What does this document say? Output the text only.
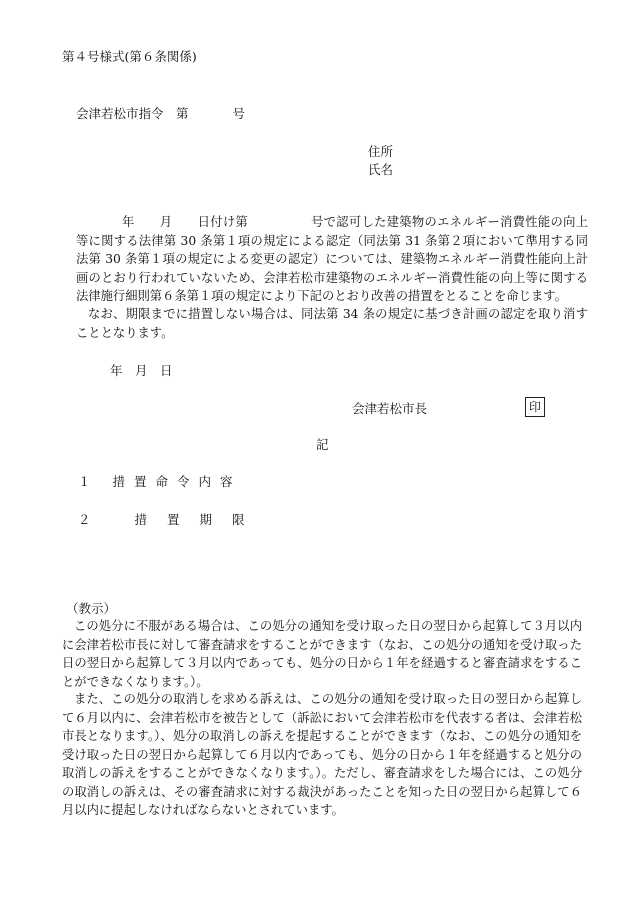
第４号様式(第６条関係)
会津若松市指令　第	号
住所
氏名

年　　月　　日付け第　　　　　号で認可した建築物のエネルギー消費性能の向上等に関する法律第 30 条第１項の規定による認定（同法第 31 条第２項において準用する同法第 30 条第１項の規定による変更の認定）については、建築物エネルギー消費性能向上計画のとおり行われていないため、会津若松市建築物のエネルギー消費性能の向上等に関する法律施行細則第６条第１項の規定により下記のとおり改善の措置をとることを命じます。

なお、期限までに措置しない場合は、同法第 34 条の規定に基づき計画の認定を取り消すこととなります。

年　月　日
会津若松市長	印
記
１ 措置命令内容
２ 措置期限
（教示）

この処分に不服がある場合は、この処分の通知を受け取った日の翌日から起算して３月以内に会津若松市長に対して審査請求をすることができます（なお、この処分の通知を受け取った日の翌日から起算して３月以内であっても、処分の日から１年を経過すると審査請求をすることができなくなります。）。

また、この処分の取消しを求める訴えは、この処分の通知を受け取った日の翌日から起算して６月以内に、会津若松市を被告として（訴訟において会津若松市を代表する者は、会津若松市長となります。）、処分の取消しの訴えを提起することができます（なお、この処分の通知を受け取った日の翌日から起算して６月以内であっても、処分の日から１年を経過すると処分の取消しの訴えをすることができなくなります。）。ただし、審査請求をした場合には、この処分の取消しの訴えは、その審査請求に対する裁決があったことを知った日の翌日から起算して６月以内に提起しなければならないとされています。
